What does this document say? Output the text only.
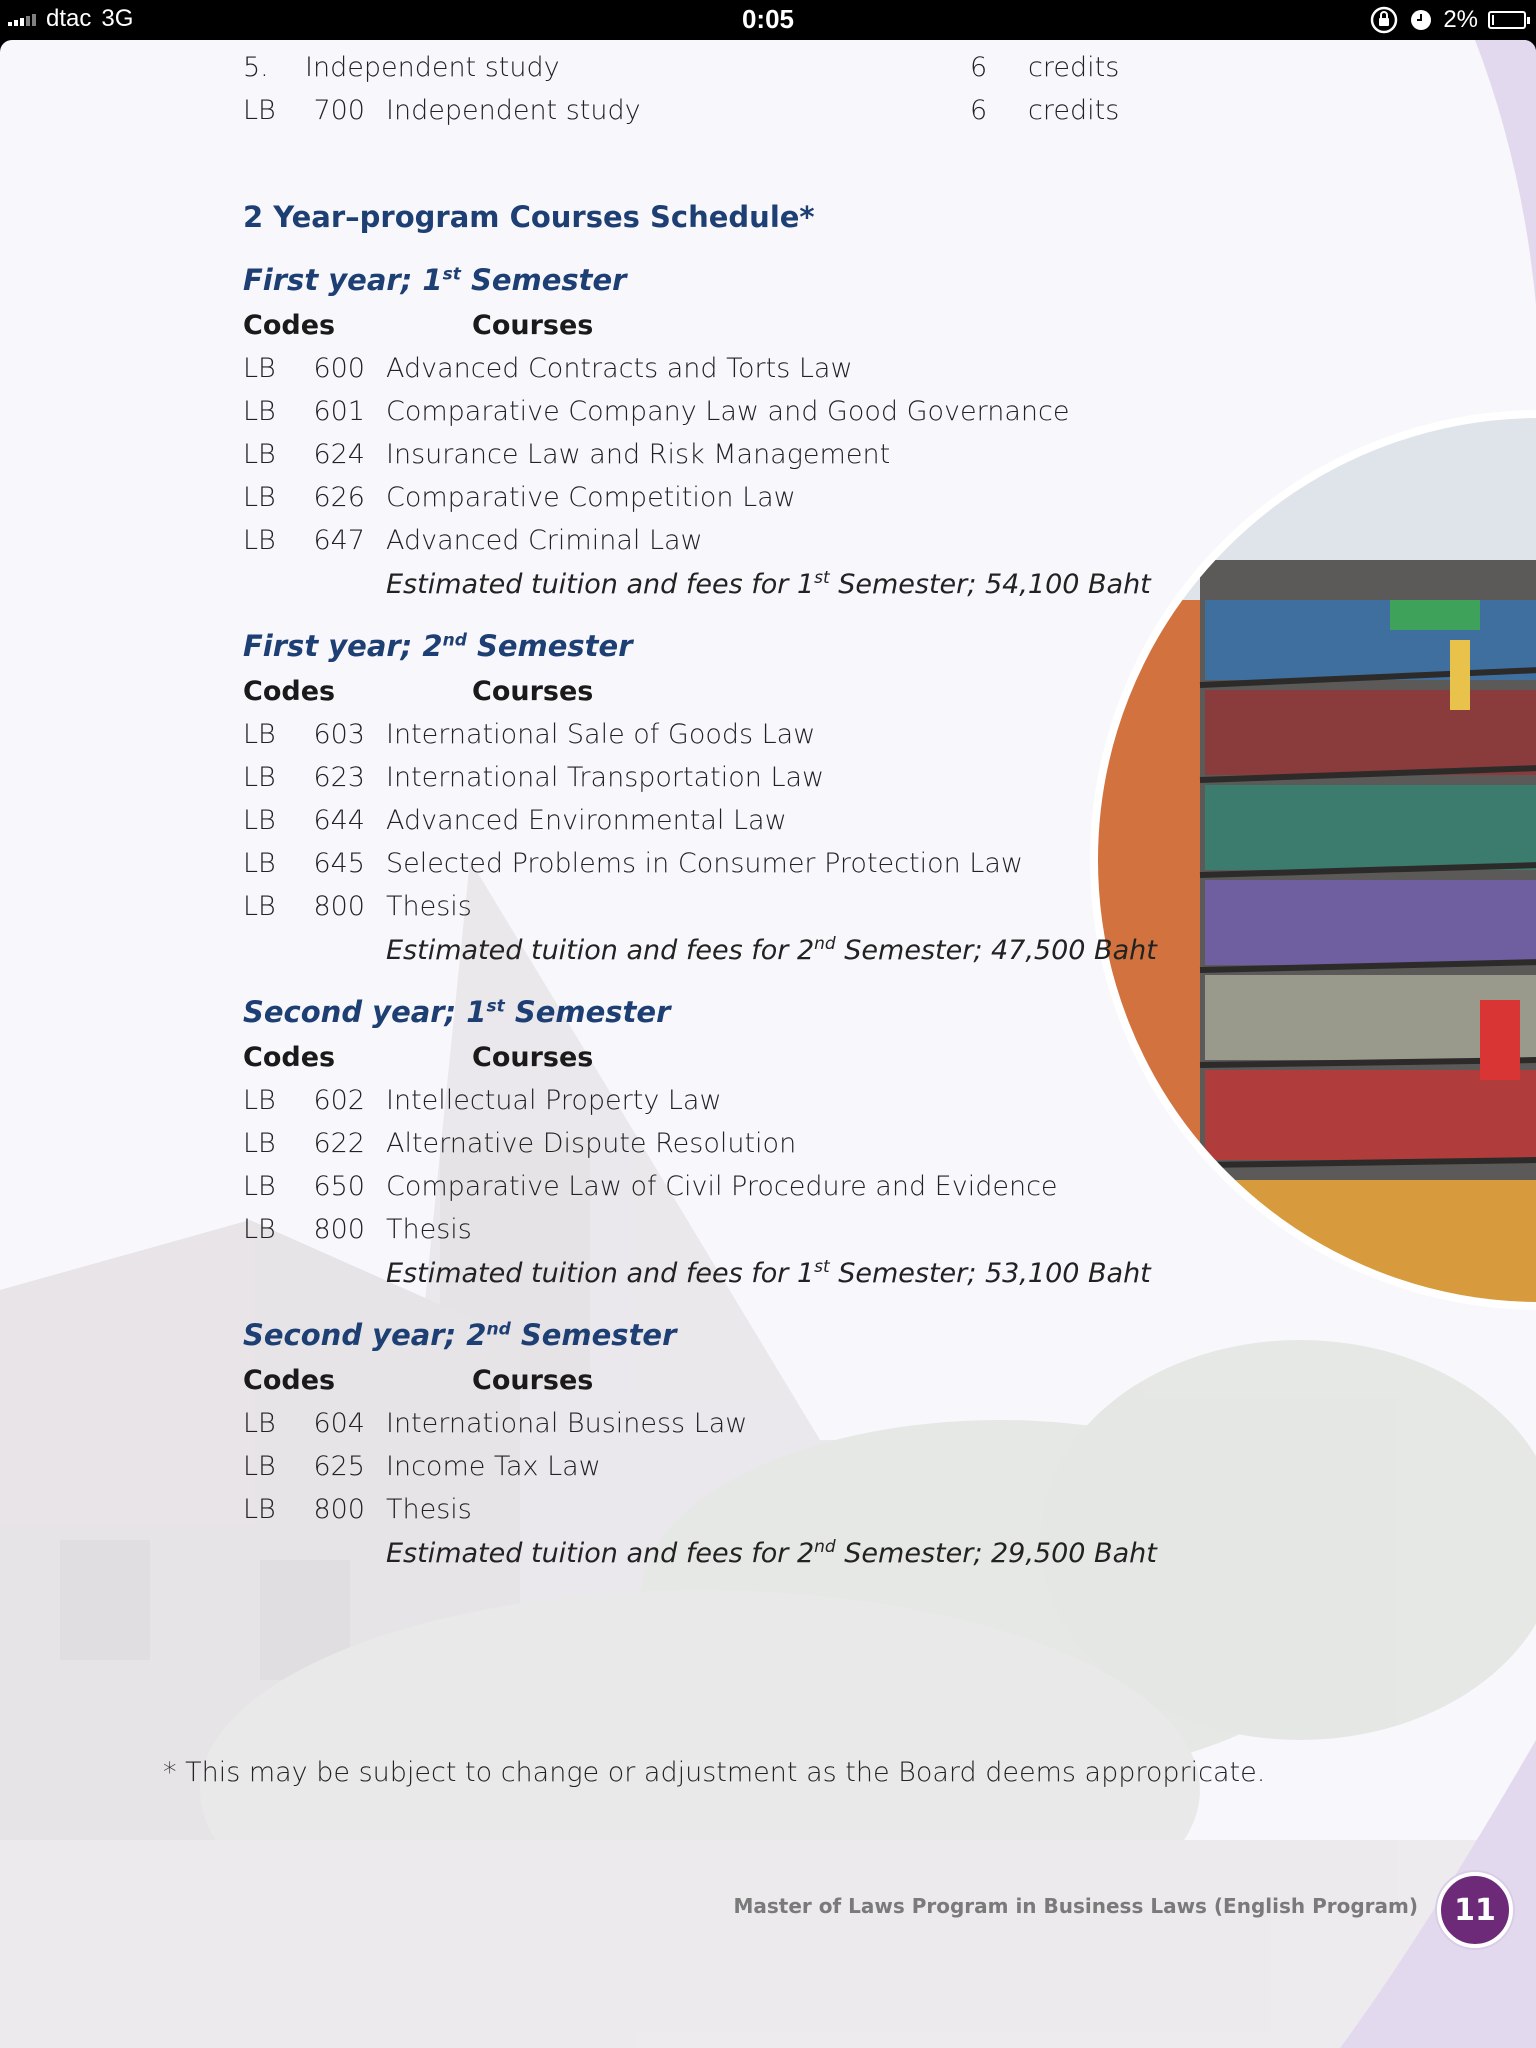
dtac 3G	0:05	2%
5. Independent study	6 credits
LB 700 Independent study	6 credits
2 Year–program Courses Schedule*
First year; 1st Semester
Codes	Courses
LB 600 Advanced Contracts and Torts Law
LB 601 Comparative Company Law and Good Governance
LB 624 Insurance Law and Risk Management
LB 626 Comparative Competition Law
LB 647 Advanced Criminal Law
Estimated tuition and fees for 1st Semester; 54,100 Baht
First year; 2nd Semester
Codes	Courses
LB 603 International Sale of Goods Law
LB 623 International Transportation Law
LB 644 Advanced Environmental Law
LB 645 Selected Problems in Consumer Protection Law
LB 800 Thesis
Estimated tuition and fees for 2nd Semester; 47,500 Baht
Second year; 1st Semester
Codes	Courses
LB 602 Intellectual Property Law
LB 622 Alternative Dispute Resolution
LB 650 Comparative Law of Civil Procedure and Evidence
LB 800 Thesis
Estimated tuition and fees for 1st Semester; 53,100 Baht
Second year; 2nd Semester
Codes	Courses
LB 604 International Business Law
LB 625 Income Tax Law
LB 800 Thesis
Estimated tuition and fees for 2nd Semester; 29,500 Baht
* This may be subject to change or adjustment as the Board deems appropricate.
Master of Laws Program in Business Laws (English Program)	11
